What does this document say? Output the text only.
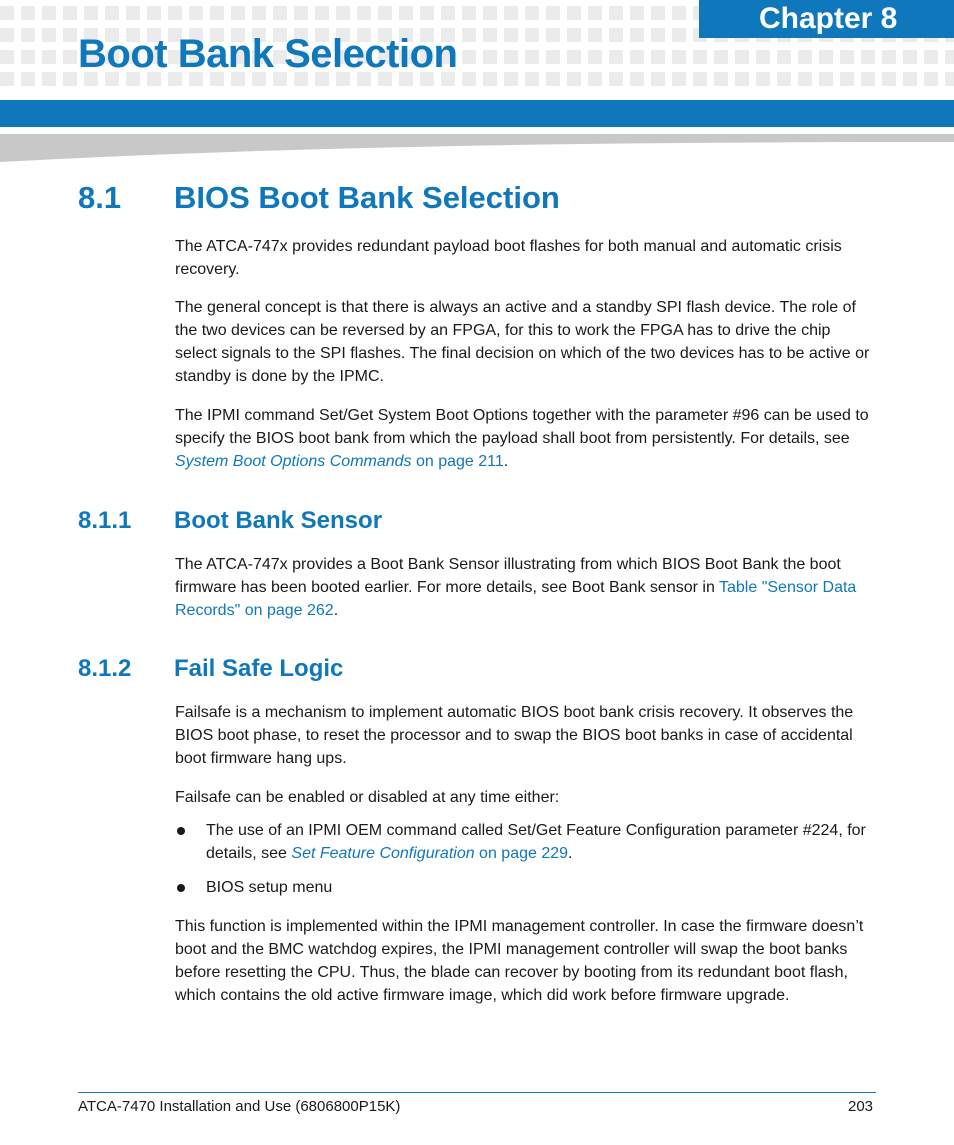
Chapter 8
Boot Bank Selection
8.1 BIOS Boot Bank Selection

The ATCA-747x provides redundant payload boot flashes for both manual and automatic crisis recovery.

The general concept is that there is always an active and a standby SPI flash device. The role of the two devices can be reversed by an FPGA, for this to work the FPGA has to drive the chip select signals to the SPI flashes. The final decision on which of the two devices has to be active or standby is done by the IPMC.

The IPMI command Set/Get System Boot Options together with the parameter #96 can be used to specify the BIOS boot bank from which the payload shall boot from persistently. For details, see System Boot Options Commands on page 211.

8.1.1 Boot Bank Sensor

The ATCA-747x provides a Boot Bank Sensor illustrating from which BIOS Boot Bank the boot firmware has been booted earlier. For more details, see Boot Bank sensor in Table "Sensor Data Records" on page 262.

8.1.2 Fail Safe Logic

Failsafe is a mechanism to implement automatic BIOS boot bank crisis recovery. It observes the BIOS boot phase, to reset the processor and to swap the BIOS boot banks in case of accidental boot firmware hang ups.

Failsafe can be enabled or disabled at any time either:

The use of an IPMI OEM command called Set/Get Feature Configuration parameter #224, for details, see Set Feature Configuration on page 229.
BIOS setup menu

This function is implemented within the IPMI management controller. In case the firmware doesn’t boot and the BMC watchdog expires, the IPMI management controller will swap the boot banks before resetting the CPU. Thus, the blade can recover by booting from its redundant boot flash, which contains the old active firmware image, which did work before firmware upgrade.

ATCA-7470 Installation and Use (6806800P15K)	203
